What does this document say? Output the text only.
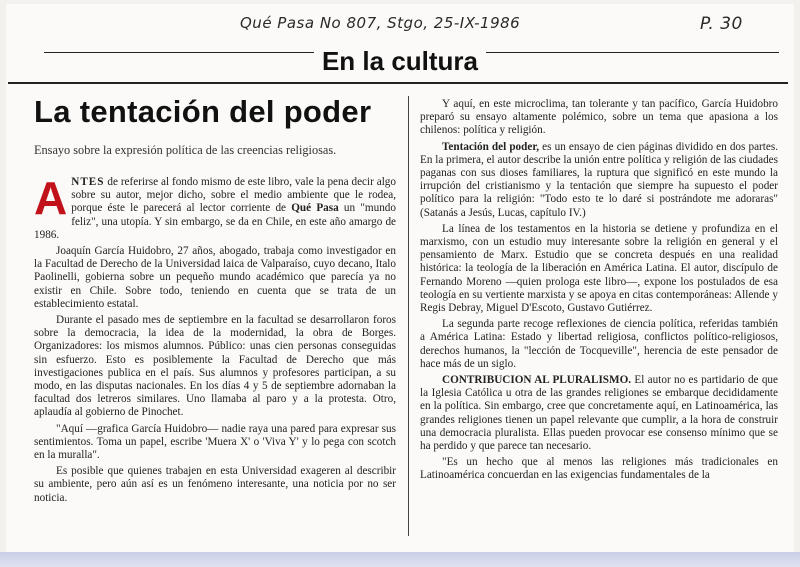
Qué Pasa No 807, Stgo, 25-IX-1986	P. 30
En la cultura
La tentación del poder
Ensayo sobre la expresión política de las creencias religiosas.

ANTES de referirse al fondo mismo de este libro, vale la pena decir algo sobre su autor, mejor dicho, sobre el medio ambiente que le rodea, porque éste le parecerá al lector corriente de Qué Pasa un "mundo feliz", una utopía. Y sin embargo, se da en Chile, en este año amargo de 1986.

Joaquín García Huidobro, 27 años, abogado, trabaja como investigador en la Facultad de Derecho de la Universidad laica de Valparaíso, cuyo decano, Italo Paolinelli, gobierna sobre un pequeño mundo académico que parecía ya no existir en Chile. Sobre todo, teniendo en cuenta que se trata de un establecimiento estatal.

Durante el pasado mes de septiembre en la facultad se desarrollaron foros sobre la democracia, la idea de la modernidad, la obra de Borges. Organizadores: los mismos alumnos. Público: unas cien personas conseguidas sin esfuerzo. Esto es posiblemente la Facultad de Derecho que más investigaciones publica en el país. Sus alumnos y profesores participan, a su modo, en las disputas nacionales. En los días 4 y 5 de septiembre adornaban la facultad dos letreros similares. Uno llamaba al paro y a la protesta. Otro, aplaudía al gobierno de Pinochet.

"Aquí —grafica García Huidobro— nadie raya una pared para expresar sus sentimientos. Toma un papel, escribe 'Muera X' o 'Viva Y' y lo pega con scotch en la muralla".

Es posible que quienes trabajen en esta Universidad exageren al describir su ambiente, pero aún así es un fenómeno interesante, una noticia por no ser noticia.

Y aquí, en este microclima, tan tolerante y tan pacífico, García Huidobro preparó su ensayo altamente polémico, sobre un tema que apasiona a los chilenos: política y religión.

Tentación del poder, es un ensayo de cien páginas dividido en dos partes. En la primera, el autor describe la unión entre política y religión de las ciudades paganas con sus dioses familiares, la ruptura que significó en este mundo la irrupción del cristianismo y la tentación que siempre ha supuesto el poder político para la religión: "Todo esto te lo daré si postrándote me adoraras" (Satanás a Jesús, Lucas, capítulo IV.)

La línea de los testamentos en la historia se detiene y profundiza en el marxismo, con un estudio muy interesante sobre la religión en general y el pensamiento de Marx. Estudio que se concreta después en una realidad histórica: la teología de la liberación en América Latina. El autor, discípulo de Fernando Moreno —quien prologa este libro—, expone los postulados de esa teología en su vertiente marxista y se apoya en citas contemporáneas: Allende y Regis Debray, Miguel D'Escoto, Gustavo Gutiérrez.

La segunda parte recoge reflexiones de ciencia política, referidas también a América Latina: Estado y libertad religiosa, conflictos político-religiosos, derechos humanos, la "lección de Tocqueville", herencia de este pensador de hace más de un siglo.

CONTRIBUCION AL PLURALISMO. El autor no es partidario de que la Iglesia Católica u otra de las grandes religiones se embarque decididamente en la política. Sin embargo, cree que concretamente aquí, en Latinoamérica, las grandes religiones tienen un papel relevante que cumplir, a la hora de construir una democracia pluralista. Ellas pueden provocar ese consenso mínimo que se ha perdido y que parece tan necesario.

"Es un hecho que al menos las religiones más tradicionales en Latinoamérica concuerdan en las exigencias fundamentales de la
